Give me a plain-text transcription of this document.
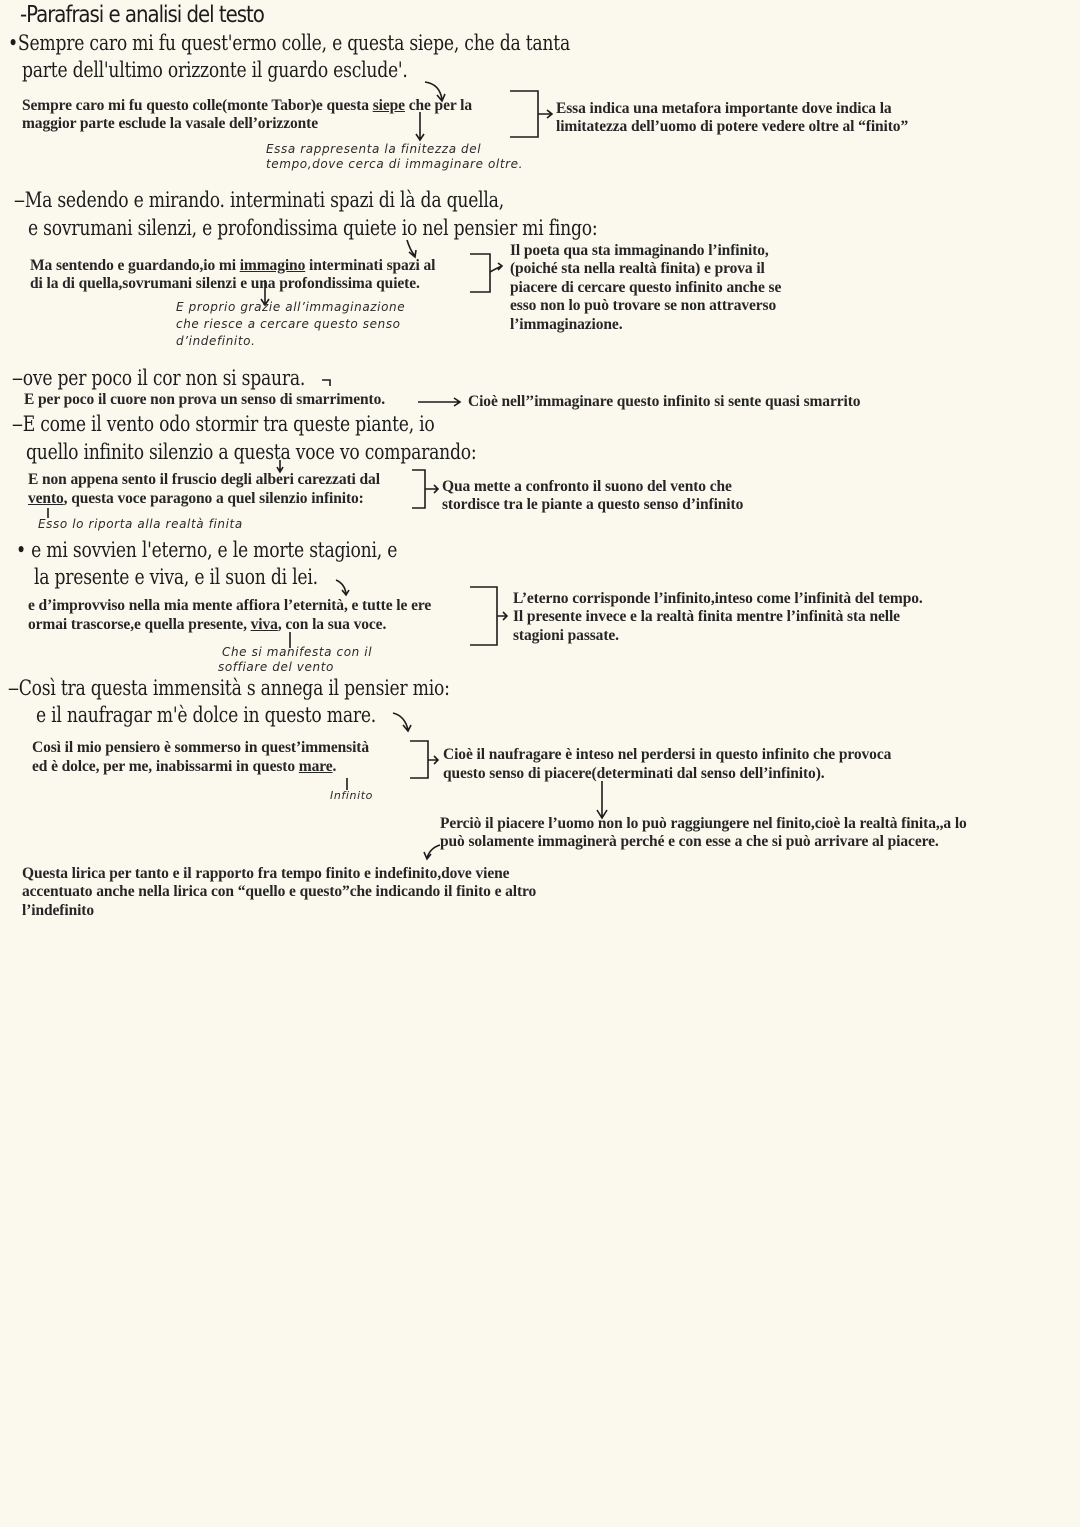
-Parafrasi e analisi del testo
•Sempre caro mi fu quest'ermo colle, e questa siepe, che da tanta
parte dell'ultimo orizzonte il guardo esclude'.
Sempre caro mi fu questo colle(monte Tabor)e questa siepe che per la
maggior parte esclude la vasale dell’orizzonte
Essa indica una metafora importante dove indica la
limitatezza dell’uomo di potere vedere oltre al “finito”
Essa rappresenta la finitezza del
tempo,dove cerca di immaginare oltre.
‒Ma sedendo e mirando. interminati spazi di là da quella,
e sovrumani silenzi, e profondissima quiete io nel pensier mi fingo:
Ma sentendo e guardando,io mi immagino interminati spazi al
di la di quella,sovrumani silenzi e una profondissima quiete.
Il poeta qua sta immaginando l’infinito,
(poiché sta nella realtà finita) e prova il
piacere di cercare questo infinito anche se
esso non lo può trovare se non attraverso
l’immaginazione.
E proprio grazie all’immaginazione
che riesce a cercare questo senso
d’indefinito.
‒ove per poco il cor non si spaura.
E per poco il cuore non prova un senso di smarrimento.	Cioè nell’’immaginare questo infinito si sente quasi smarrito
‒E come il vento odo stormir tra queste piante, io
quello infinito silenzio a questa voce vo comparando:
E non appena sento il fruscio degli alberi carezzati dal
vento, questa voce paragono a quel silenzio infinito:
Qua mette a confronto il suono del vento che
stordisce tra le piante a questo senso d’infinito
Esso lo riporta alla realtà finita
• e mi sovvien l'eterno, e le morte stagioni, e
la presente e viva, e il suon di lei.
e d’improvviso nella mia mente affiora l’eternità, e tutte le ere
ormai trascorse,e quella presente, viva, con la sua voce.
L’eterno corrisponde l’infinito,inteso come l’infinità del tempo.
Il presente invece e la realtà finita mentre l’infinità sta nelle
stagioni passate.
Che si manifesta con il
soffiare del vento
‒Così tra questa immensità s annega il pensier mio:
e il naufragar m'è dolce in questo mare.
Così il mio pensiero è sommerso in quest’immensità
ed è dolce, per me, inabissarmi in questo mare.
Cioè il naufragare è inteso nel perdersi in questo infinito che provoca
questo senso di piacere(determinati dal senso dell’infinito).
Infinito
Perciò il piacere l’uomo non lo può raggiungere nel finito,cioè la realtà finita,,a lo
può solamente immaginerà perché e con esse a che si può arrivare al piacere.
Questa lirica per tanto e il rapporto fra tempo finito e indefinito,dove viene
accentuato anche nella lirica con “quello e questo”che indicando il finito e altro
l’indefinito
